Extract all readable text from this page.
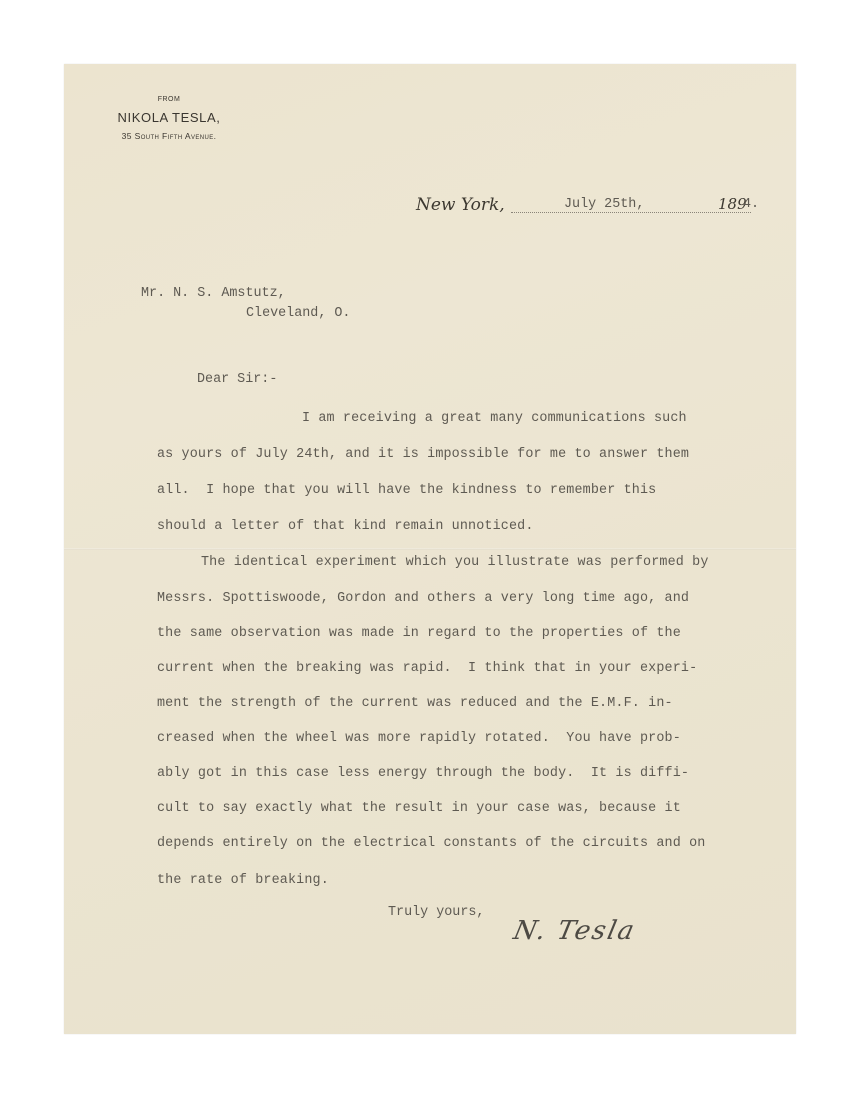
FROM
NIKOLA TESLA,
35 South Fifth Avenue.
New York,	July 25th,	189
4.
Mr. N. S. Amstutz,
Cleveland, O.
Dear Sir:-
I am receiving a great many communications such
as yours of July 24th, and it is impossible for me to answer them
all.  I hope that you will have the kindness to remember this
should a letter of that kind remain unnoticed.
The identical experiment which you illustrate was performed by
Messrs. Spottiswoode, Gordon and others a very long time ago, and
the same observation was made in regard to the properties of the
current when the breaking was rapid.  I think that in your experi-
ment the strength of the current was reduced and the E.M.F. in-
creased when the wheel was more rapidly rotated.  You have prob-
ably got in this case less energy through the body.  It is diffi-
cult to say exactly what the result in your case was, because it
depends entirely on the electrical constants of the circuits and on
the rate of breaking.
Truly yours,
N. Tesla
